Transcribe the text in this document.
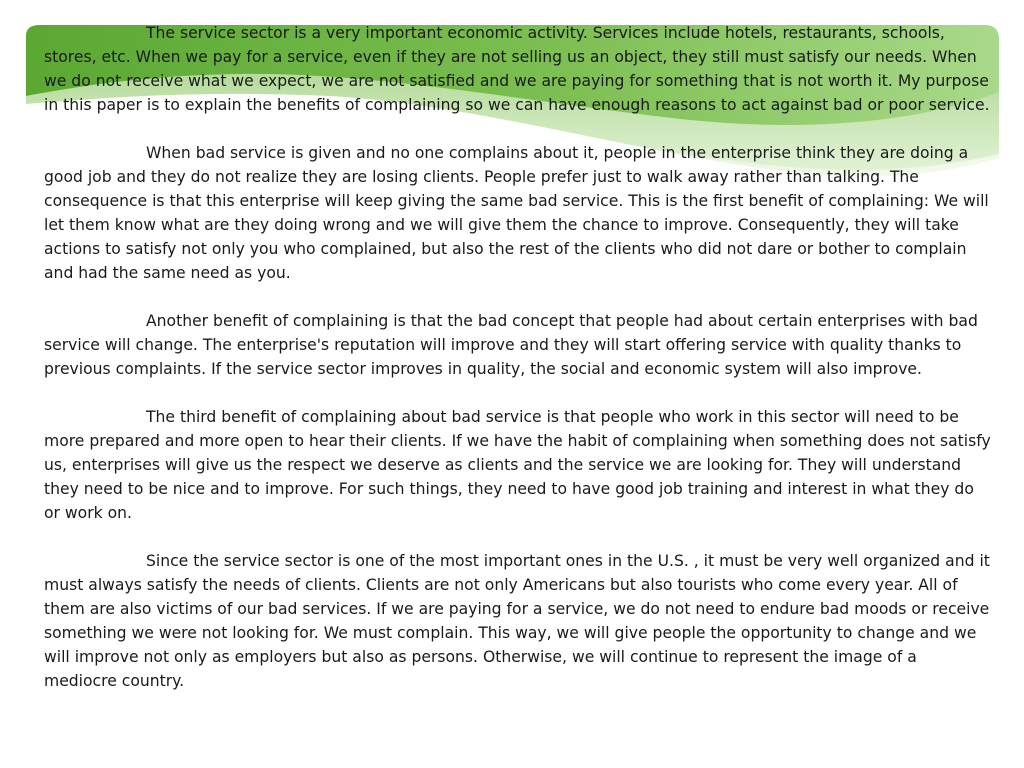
The service sector is a very important economic activity. Services include hotels, restaurants, schools, stores, etc. When we pay for a service, even if they are not selling us an object, they still must satisfy our needs. When we do not receive what we expect, we are not satisfied and we are paying for something that is not worth it. My purpose in this paper is to explain the benefits of complaining so we can have enough reasons to act against bad or poor service.

When bad service is given and no one complains about it, people in the enterprise think they are doing a good job and they do not realize they are losing clients. People prefer just to walk away rather than talking. The consequence is that this enterprise will keep giving the same bad service. This is the first benefit of complaining: We will let them know what are they doing wrong and we will give them the chance to improve. Consequently, they will take actions to satisfy not only you who complained, but also the rest of the clients who did not dare or bother to complain and had the same need as you.

Another benefit of complaining is that the bad concept that people had about certain enterprises with bad service will change. The enterprise's reputation will improve and they will start offering service with quality thanks to previous complaints. If the service sector improves in quality, the social and economic system will also improve.

The third benefit of complaining about bad service is that people who work in this sector will need to be more prepared and more open to hear their clients. If we have the habit of complaining when something does not satisfy us, enterprises will give us the respect we deserve as clients and the service we are looking for. They will understand they need to be nice and to improve. For such things, they need to have good job training and interest in what they do or work on.

Since the service sector is one of the most important ones in the U.S. , it must be very well organized and it must always satisfy the needs of clients. Clients are not only Americans but also tourists who come every year. All of them are also victims of our bad services. If we are paying for a service, we do not need to endure bad moods or receive something we were not looking for. We must complain. This way, we will give people the opportunity to change and we will improve not only as employers but also as persons. Otherwise, we will continue to represent the image of a mediocre country.
